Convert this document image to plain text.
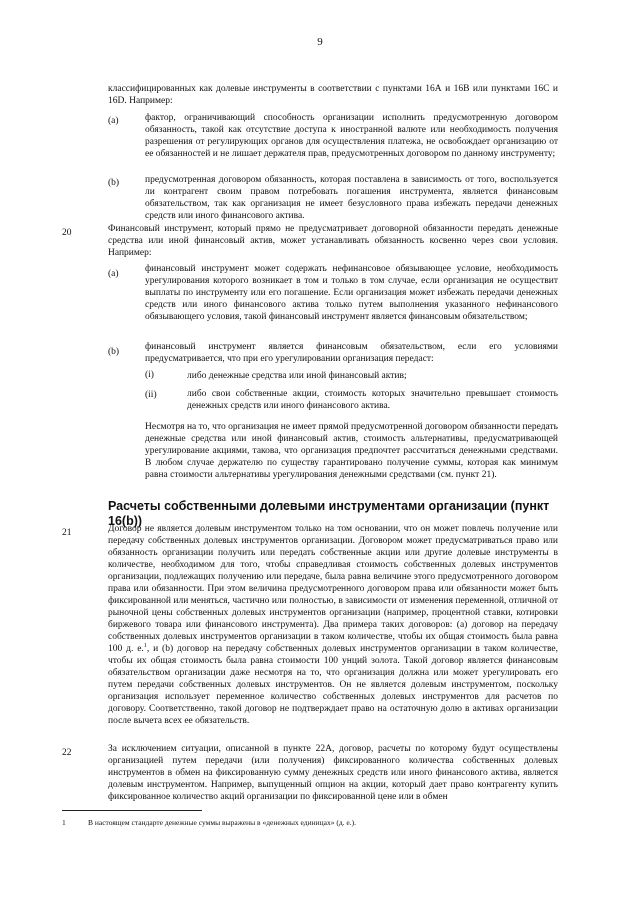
9
классифицированных как долевые инструменты в соответствии с пунктами 16А и 16В или пунктами 16С и 16D. Например:
(a)	фактор, ограничивающий способность организации исполнить предусмотренную договором обязанность, такой как отсутствие доступа к иностранной валюте или необходимость получения разрешения от регулирующих органов для осуществления платежа, не освобождает организацию от ее обязанностей и не лишает держателя прав, предусмотренных договором по данному инструменту;
(b)	предусмотренная договором обязанность, которая поставлена в зависимость от того, воспользуется ли контрагент своим правом потребовать погашения инструмента, является финансовым обязательством, так как организация не имеет безусловного права избежать передачи денежных средств или иного финансового актива.
20	Финансовый инструмент, который прямо не предусматривает договорной обязанности передать денежные средства или иной финансовый актив, может устанавливать обязанность косвенно через свои условия. Например:
(a)	финансовый инструмент может содержать нефинансовое обязывающее условие, необходимость урегулирования которого возникает в том и только в том случае, если организация не осуществит выплаты по инструменту или его погашение. Если организация может избежать передачи денежных средств или иного финансового актива только путем выполнения указанного нефинансового обязывающего условия, такой финансовый инструмент является финансовым обязательством;
(b)	финансовый инструмент является финансовым обязательством, если его условиями предусматривается, что при его урегулировании организация передаст:
(i)	либо денежные средства или иной финансовый актив;
(ii)	либо свои собственные акции, стоимость которых значительно превышает стоимость денежных средств или иного финансового актива.
Несмотря на то, что организация не имеет прямой предусмотренной договором обязанности передать денежные средства или иной финансовый актив, стоимость альтернативы, предусматривающей урегулирование акциями, такова, что организация предпочтет рассчитаться денежными средствами. В любом случае держателю по существу гарантировано получение суммы, которая как минимум равна стоимости альтернативы урегулирования денежными средствами (см. пункт 21).
Расчеты собственными долевыми инструментами организации (пункт 16(b))
21	Договор не является долевым инструментом только на том основании, что он может повлечь получение или передачу собственных долевых инструментов организации. Договором может предусматриваться право или обязанность организации получить или передать собственные акции или другие долевые инструменты в количестве, необходимом для того, чтобы справедливая стоимость собственных долевых инструментов организации, подлежащих получению или передаче, была равна величине этого предусмотренного договором права или обязанности. При этом величина предусмотренного договором права или обязанности может быть фиксированной или меняться, частично или полностью, в зависимости от изменения переменной, отличной от рыночной цены собственных долевых инструментов организации (например, процентной ставки, котировки биржевого товара или финансового инструмента). Два примера таких договоров: (а) договор на передачу собственных долевых инструментов организации в таком количестве, чтобы их общая стоимость была равна 100 д. е.$^1$, и (b) договор на передачу собственных долевых инструментов организации в таком количестве, чтобы их общая стоимость была равна стоимости 100 унций золота. Такой договор является финансовым обязательством организации даже несмотря на то, что организация должна или может урегулировать его путем передачи собственных долевых инструментов. Он не является долевым инструментом, поскольку организация использует переменное количество собственных долевых инструментов для расчетов по договору. Соответственно, такой договор не подтверждает право на остаточную долю в активах организации после вычета всех ее обязательств.
22	За исключением ситуации, описанной в пункте 22А, договор, расчеты по которому будут осуществлены организацией путем передачи (или получения) фиксированного количества собственных долевых инструментов в обмен на фиксированную сумму денежных средств или иного финансового актива, является долевым инструментом. Например, выпущенный опцион на акции, который дает право контрагенту купить фиксированное количество акций организации по фиксированной цене или в обмен
1	В настоящем стандарте денежные суммы выражены в «денежных единицах» (д. е.).
